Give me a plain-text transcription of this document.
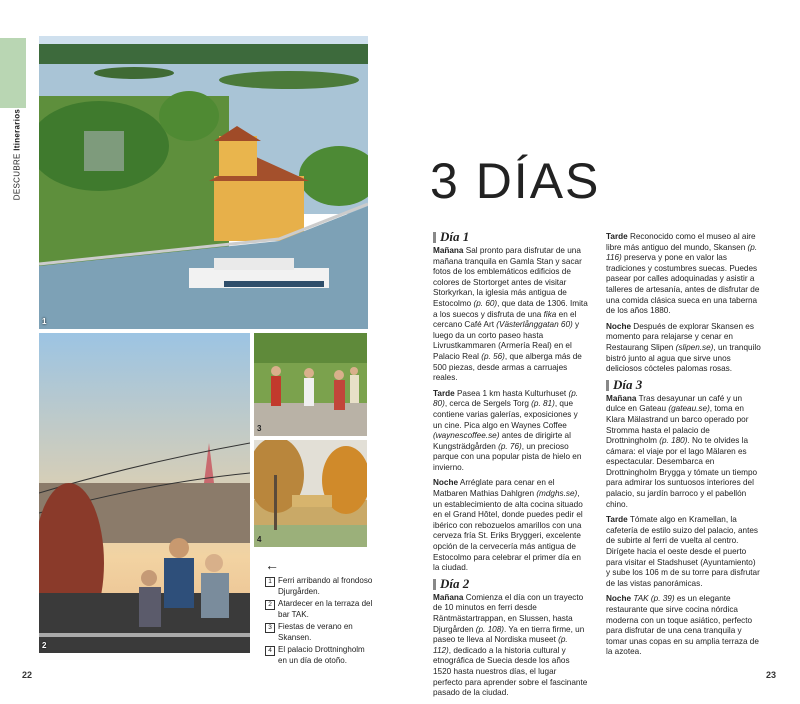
DESCUBRE Itinerarios
1
2
3
4
←
1 Ferri arribando al frondoso Djurgården.
2 Atardecer en la terraza del bar TAK.
3 Fiestas de verano en Skansen.
4 El palacio Drottningholm en un día de otoño.
22
3 DÍAS
Día 1

Mañana Sal pronto para disfrutar de una mañana tranquila en Gamla Stan y sacar fotos de los emblemáticos edificios de colores de Stortorget antes de visitar Storkyrkan, la iglesia más antigua de Estocolmo (p. 60), que data de 1306. Imita a los suecos y disfruta de una fika en el cercano Café Art (Västerlånggatan 60) y luego da un corto paseo hasta Livrustkammaren (Armería Real) en el Palacio Real (p. 56), que alberga más de 500 piezas, desde armas a carruajes reales.

Tarde Pasea 1 km hasta Kulturhuset (p. 80), cerca de Sergels Torg (p. 81), que contiene varias galerías, exposiciones y un cine. Pica algo en Waynes Coffee (waynescoffee.se) antes de dirigirte al Kungsträdgården (p. 76), un precioso parque con una popular pista de hielo en invierno.

Noche Arréglate para cenar en el Matbaren Mathias Dahlgren (mdghs.se), un establecimiento de alta cocina situado en el Grand Hôtel, donde puedes pedir el ibérico con rebozuelos amarillos con una cerveza fría St. Eriks Bryggeri, excelente opción de la cervecería más antigua de Estocolmo para celebrar el primer día en la ciudad.

Día 2

Mañana Comienza el día con un trayecto de 10 minutos en ferri desde Räntmästartrappan, en Slussen, hasta Djurgården (p. 108). Ya en tierra firme, un paseo te lleva al Nordiska museet (p. 112), dedicado a la historia cultural y etnográfica de Suecia desde los años 1520 hasta nuestros días, el lugar perfecto para aprender sobre el fascinante pasado de la ciudad.

Tarde Reconocido como el museo al aire libre más antiguo del mundo, Skansen (p. 116) preserva y pone en valor las tradiciones y costumbres suecas. Puedes pasear por calles adoquinadas y asistir a talleres de artesanía, antes de disfrutar de una comida clásica sueca en una taberna de los años 1880.

Noche Después de explorar Skansen es momento para relajarse y cenar en Restaurang Slipen (slipen.se), un tranquilo bistró junto al agua que sirve unos deliciosos cócteles palomas rosas.

Día 3

Mañana Tras desayunar un café y un dulce en Gateau (gateau.se), toma en Klara Mälastrand un barco operado por Stromma hasta el palacio de Drottningholm (p. 180). No te olvides la cámara: el viaje por el lago Mälaren es espectacular. Desembarca en Drottningholm Brygga y tómate un tiempo para admirar los suntuosos interiores del palacio, su jardín barroco y el pabellón chino.

Tarde Tómate algo en Kramellan, la cafetería de estilo suizo del palacio, antes de subirte al ferri de vuelta al centro. Dirígete hacia el oeste desde el puerto para visitar el Stadshuset (Ayuntamiento) y sube los 106 m de su torre para disfrutar de las vistas panorámicas.

Noche TAK (p. 39) es un elegante restaurante que sirve cocina nórdica moderna con un toque asiático, perfecto para disfrutar de una cena tranquila y tomar unas copas en su amplia terraza de la azotea.

23
